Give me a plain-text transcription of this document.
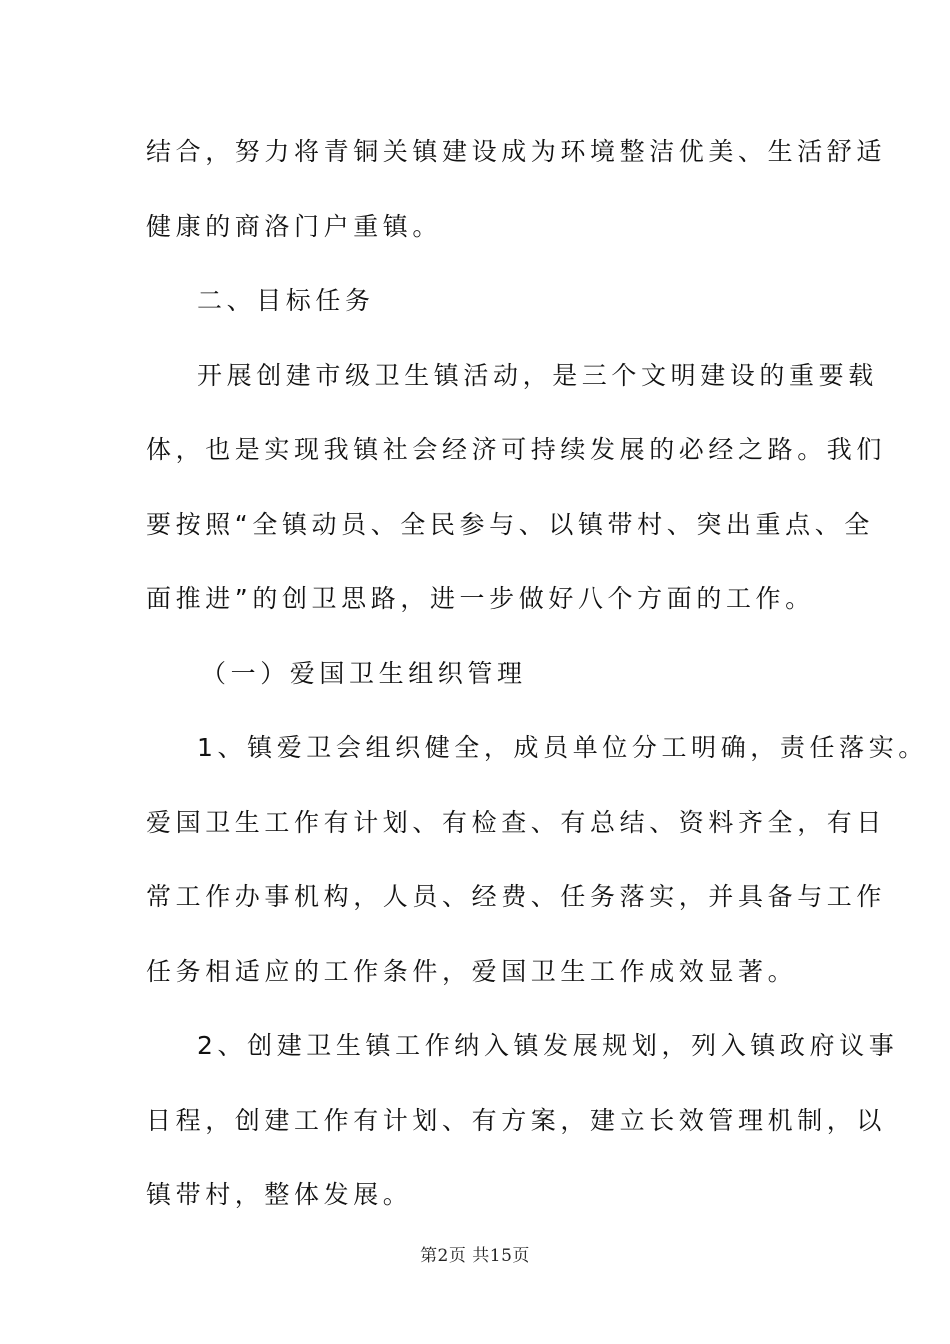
结合，努力将青铜关镇建设成为环境整洁优美、生活舒适

健康的商洛门户重镇。

二、目标任务

开展创建市级卫生镇活动，是三个文明建设的重要载

体，也是实现我镇社会经济可持续发展的必经之路。我们

要按照“全镇动员、全民参与、以镇带村、突出重点、全

面推进”的创卫思路，进一步做好八个方面的工作。

（一）爱国卫生组织管理

1、镇爱卫会组织健全，成员单位分工明确，责任落实。

爱国卫生工作有计划、有检查、有总结、资料齐全，有日

常工作办事机构，人员、经费、任务落实，并具备与工作

任务相适应的工作条件，爱国卫生工作成效显著。

2、创建卫生镇工作纳入镇发展规划，列入镇政府议事

日程，创建工作有计划、有方案，建立长效管理机制，以

镇带村，整体发展。

第2页 共15页
